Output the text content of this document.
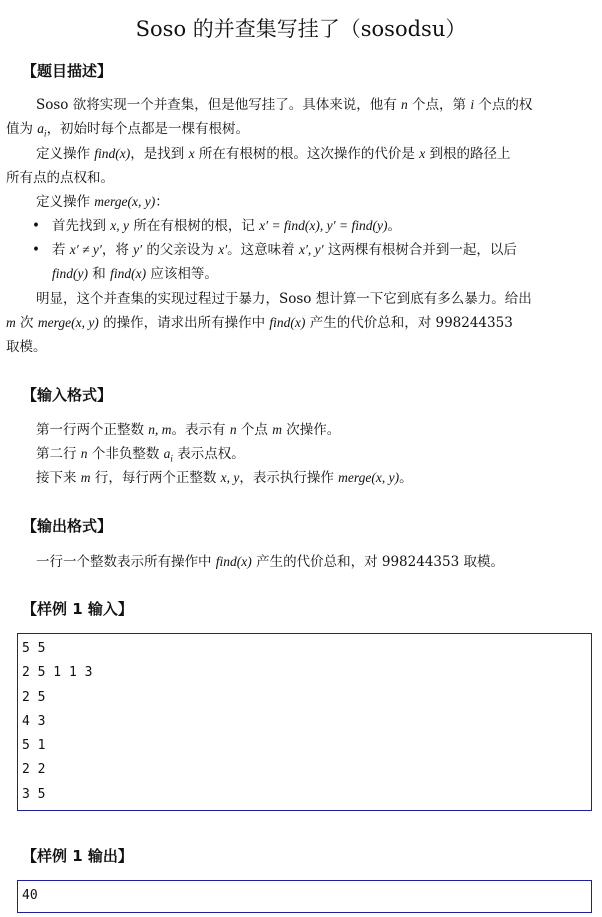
Soso 的并查集写挂了（sosodsu）
【题目描述】
Soso 欲将实现一个并查集，但是他写挂了。具体来说，他有 n 个点，第 i 个点的权
值为 $a_i$，初始时每个点都是一棵有根树。
定义操作 find(x)，是找到 x 所在有根树的根。这次操作的代价是 x 到根的路径上
所有点的点权和。
定义操作 merge(x, y)：
• 首先找到 x, y 所在有根树的根，记 x′ = find(x), y′ = find(y)。
• 若 x′ ≠ y′，将 y′ 的父亲设为 x′。这意味着 x′, y′ 这两棵有根树合并到一起，以后
find(y) 和 find(x) 应该相等。
明显，这个并查集的实现过程过于暴力，Soso 想计算一下它到底有多么暴力。给出
m 次 merge(x, y) 的操作，请求出所有操作中 find(x) 产生的代价总和，对 998244353
取模。
【输入格式】
第一行两个正整数 n, m。表示有 n 个点 m 次操作。
第二行 n 个非负整数 $a_i$ 表示点权。
接下来 m 行，每行两个正整数 x, y，表示执行操作 merge(x, y)。
【输出格式】
一行一个整数表示所有操作中 find(x) 产生的代价总和，对 998244353 取模。
【样例 1 输入】
5 5
2 5 1 1 3
2 5
4 3
5 1
2 2
3 5
【样例 1 输出】
40
